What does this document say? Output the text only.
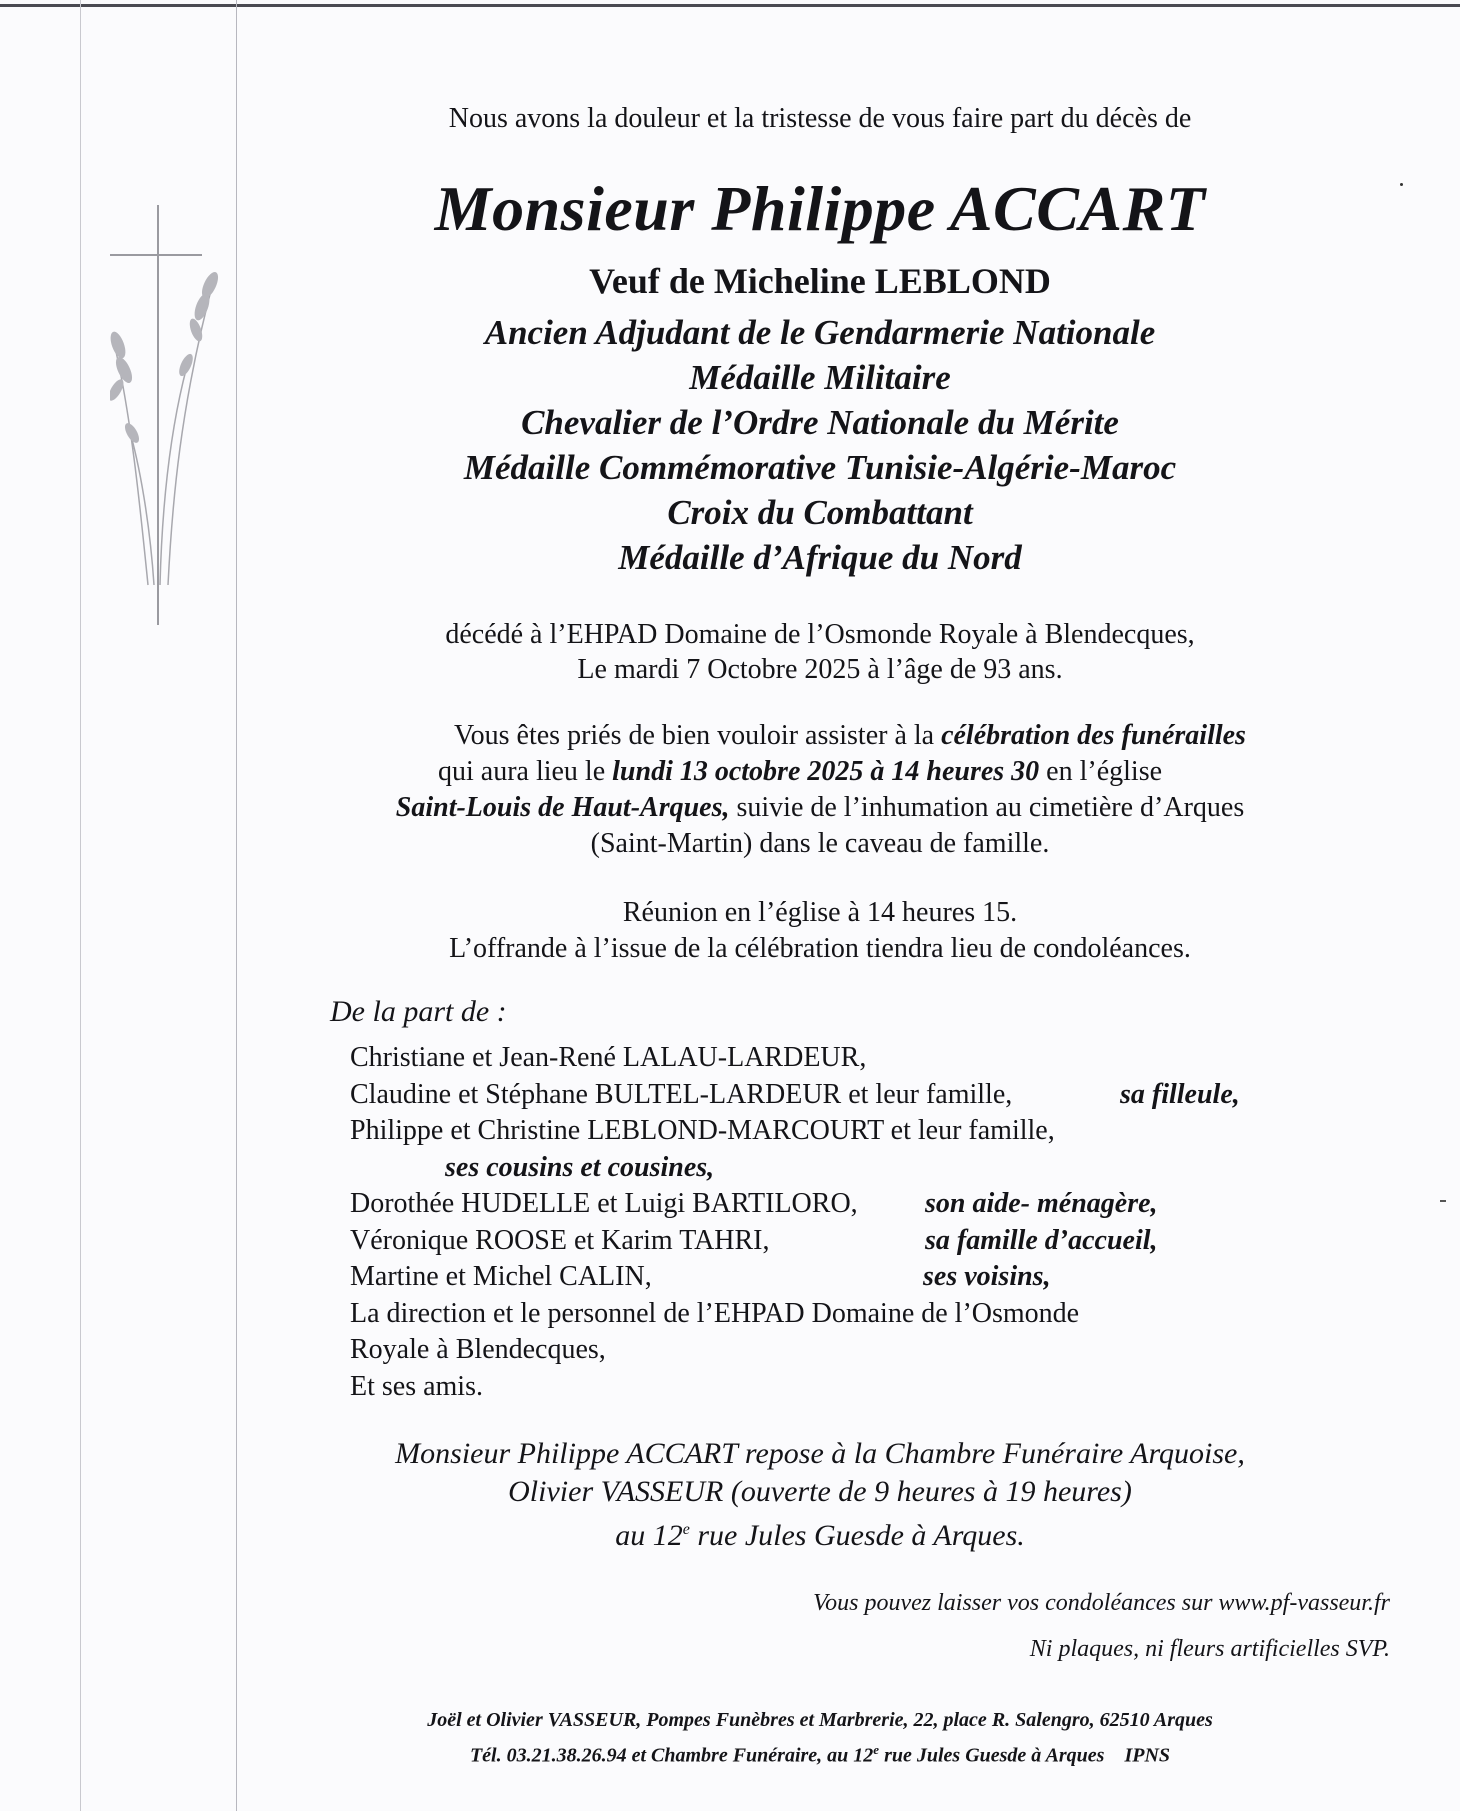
Nous avons la douleur et la tristesse de vous faire part du décès de
Monsieur Philippe ACCART
Veuf de Micheline LEBLOND
Ancien Adjudant de le Gendarmerie Nationale
Médaille Militaire
Chevalier de l’Ordre Nationale du Mérite
Médaille Commémorative Tunisie-Algérie-Maroc
Croix du Combattant
Médaille d’Afrique du Nord
décédé à l’EHPAD Domaine de l’Osmonde Royale à Blendecques,
Le mardi 7 Octobre 2025 à l’âge de 93 ans.
Vous êtes priés de bien vouloir assister à la célébration des funérailles
qui aura lieu le lundi 13 octobre 2025 à 14 heures 30 en l’église
Saint-Louis de Haut-Arques, suivie de l’inhumation au cimetière d’Arques
(Saint-Martin) dans le caveau de famille.
Réunion en l’église à 14 heures 15.
L’offrande à l’issue de la célébration tiendra lieu de condoléances.
De la part de :
Christiane et Jean-René LALAU-LARDEUR,
Claudine et Stéphane BULTEL-LARDEUR et leur famille,	sa filleule,
Philippe et Christine LEBLOND-MARCOURT et leur famille,
ses cousins et cousines,
Dorothée HUDELLE et Luigi BARTILORO, son aide- ménagère,
Véronique ROOSE et Karim TAHRI,	sa famille d’accueil,
Martine et Michel CALIN,	ses voisins,
La direction et le personnel de l’EHPAD Domaine de l’Osmonde
Royale à Blendecques,
Et ses amis.
Monsieur Philippe ACCART repose à la Chambre Funéraire Arquoise,
Olivier VASSEUR (ouverte de 9 heures à 19 heures)
au 12e rue Jules Guesde à Arques.
Vous pouvez laisser vos condoléances sur www.pf-vasseur.fr
Ni plaques, ni fleurs artificielles SVP.
Joël et Olivier VASSEUR, Pompes Funèbres et Marbrerie, 22, place R. Salengro, 62510 Arques
Tél. 03.21.38.26.94 et Chambre Funéraire, au 12e rue Jules Guesde à Arques    IPNS
